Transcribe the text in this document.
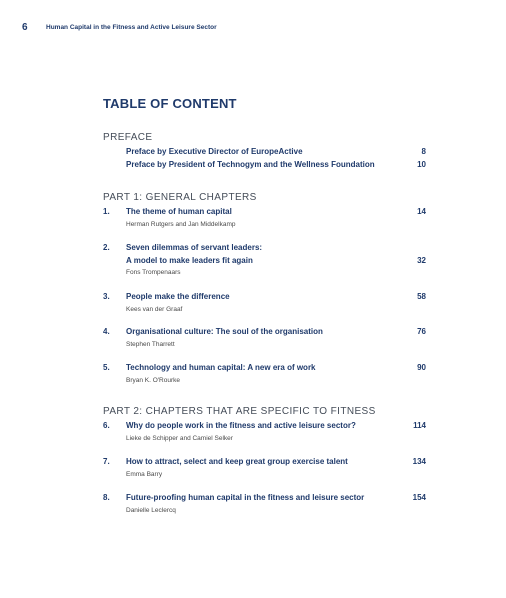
6	Human Capital in the Fitness and Active Leisure Sector
TABLE OF CONTENT
PREFACE
Preface by Executive Director of EuropeActive	8
Preface by President of Technogym and the Wellness Foundation	10
PART 1: GENERAL CHAPTERS
1. The theme of human capital	14
Herman Rutgers and Jan Middelkamp
2. Seven dilemmas of servant leaders:
A model to make leaders fit again	32
Fons Trompenaars
3. People make the difference	58
Kees van der Graaf
4. Organisational culture: The soul of the organisation	76
Stephen Tharrett
5. Technology and human capital: A new era of work	90
Bryan K. O'Rourke
PART 2: CHAPTERS THAT ARE SPECIFIC TO FITNESS
6. Why do people work in the fitness and active leisure sector?	114
Lieke de Schipper and Camiel Selker
7. How to attract, select and keep great group exercise talent	134
Emma Barry
8. Future-proofing human capital in the fitness and leisure sector	154
Danielle Leclercq
